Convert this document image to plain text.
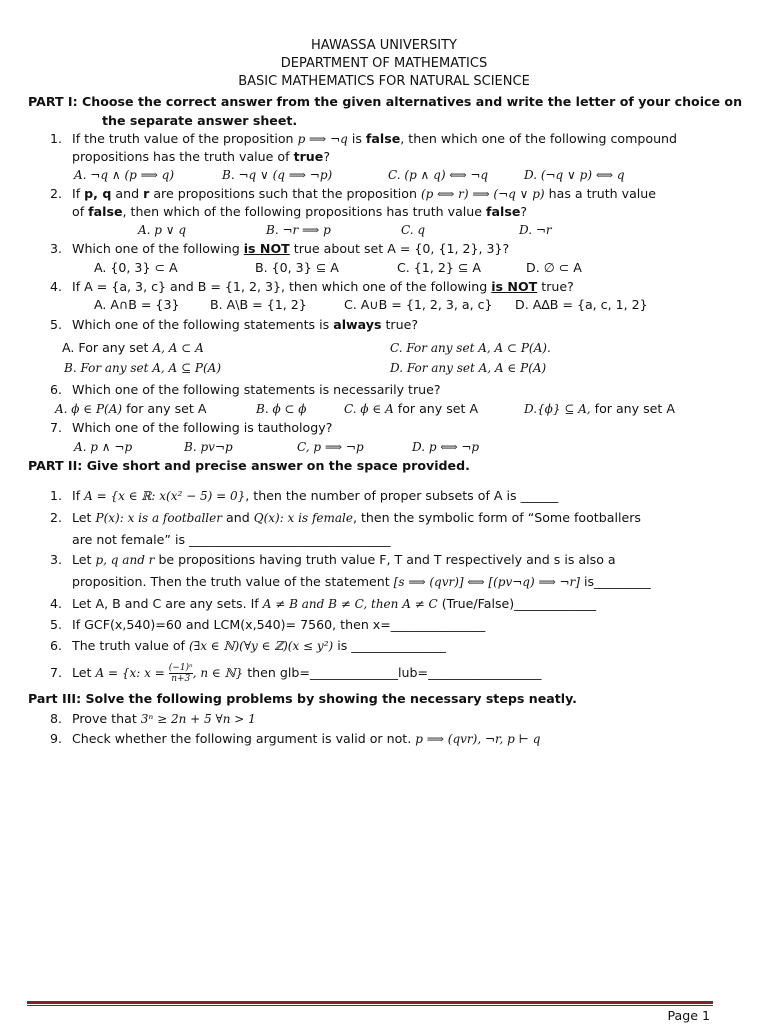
HAWASSA UNIVERSITY
DEPARTMENT OF MATHEMATICS
BASIC MATHEMATICS FOR NATURAL SCIENCE
PART I: Choose the correct answer from the given alternatives and write the letter of your choice on
the separate answer sheet.
1. If the truth value of the proposition p ⟹ ¬q is false, then which one of the following compound
propositions has the truth value of true?
A. ¬q ∧ (p ⟹ q)	B. ¬q ∨ (q ⟹ ¬p)	C. (p ∧ q) ⟺ ¬q	D. (¬q ∨ p) ⟺ q
2. If p, q and r are propositions such that the proposition (p ⟺ r) ⟹ (¬q ∨ p) has a truth value
of false, then which of the following propositions has truth value false?
A. p ∨ q	B. ¬r ⟹ p	C. q	D. ¬r
3. Which one of the following is NOT true about set A = {0, {1, 2}, 3}?
A. {0, 3} ⊂ A	B. {0, 3} ⊆ A	C. {1, 2} ⊆ A	D. ∅ ⊂ A
4. If A = {a, 3, c} and B = {1, 2, 3}, then which one of the following is NOT true?
A. A∩B = {3} B. A\B = {1, 2}	C. A∪B = {1, 2, 3, a, c} D. A∆B = {a, c, 1, 2}
5. Which one of the following statements is always true?
A. For any set A, A ⊂ A	C. For any set A, A ⊂ P(A).
B. For any set A, A ⊆ P(A)	D. For any set A, A ∈ P(A)
6. Which one of the following statements is necessarily true?
A. ϕ ∈ P(A) for any set A	B. ϕ ⊂ ϕ	C. ϕ ∈ A for any set A	D.{ϕ} ⊆ A, for any set A
7. Which one of the following is tauthology?
A. p ∧ ¬p	B. pv¬p	C, p ⟹ ¬p	D. p ⟺ ¬p
PART II: Give short and precise answer on the space provided.
1. If A = {x ∈ ℝ: x(x² − 5) = 0}, then the number of proper subsets of A is ______
2. Let P(x): x is a footballer and Q(x): x is female, then the symbolic form of “Some footballers
are not female” is ________________________________
3. Let p, q and r be propositions having truth value F, T and T respectively and s is also a
proposition. Then the truth value of the statement [s ⟹ (qvr)] ⟺ [(pv¬q) ⟹ ¬r] is_________
4. Let A, B and C are any sets. If A ≠ B and B ≠ C, then A ≠ C (True/False)_____________
5. If GCF(x,540)=60 and LCM(x,540)= 7560, then x=_______________
6. The truth value of (∃x ∈ ℕ)(∀y ∈ ℤ)(x ≤ y²) is _______________
7. Let A = {x: $x = \frac{\text{(−1)ⁿ}}{n+3}$ , n ∈ ℕ} then glb=______________lub=__________________
Part III: Solve the following problems by showing the necessary steps neatly.
8. Prove that 3ⁿ ≥ 2n + 5 ∀n > 1
9. Check whether the following argument is valid or not. p ⟹ (qvr), ¬r, p ⊢ q
Page 1
